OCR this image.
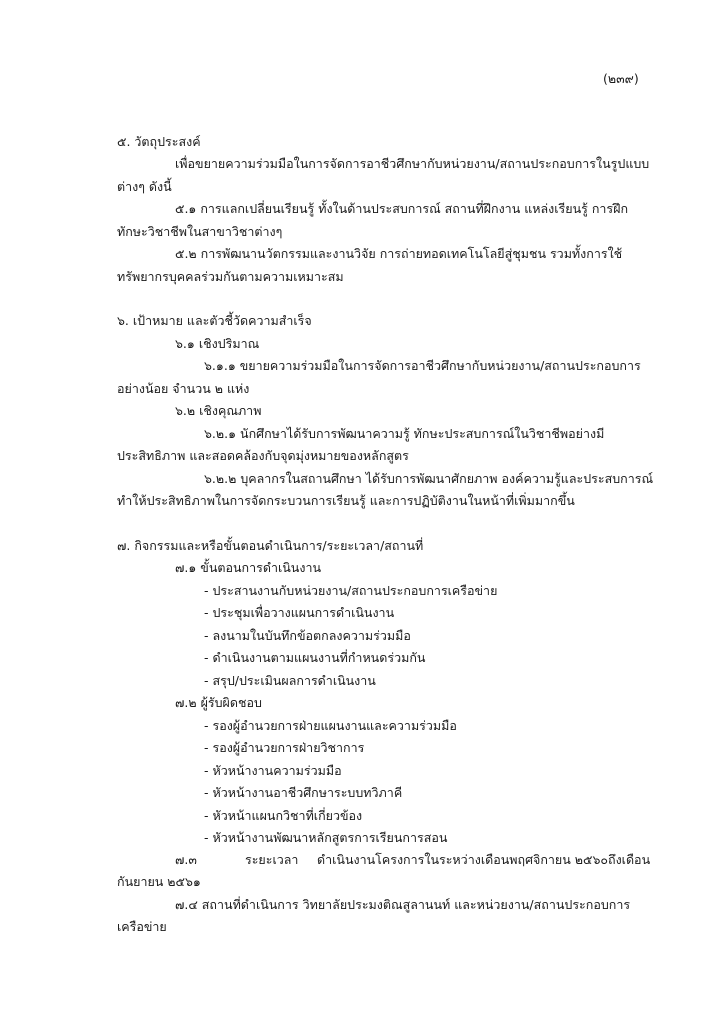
(๒๓๙)
๕. วัตถุประสงค์
เพื่อขยายความร่วมมือในการจัดการอาชีวศึกษากับหน่วยงาน/สถานประกอบการในรูปแบบ
ต่างๆ ดังนี้
๕.๑ การแลกเปลี่ยนเรียนรู้ ทั้งในด้านประสบการณ์ สถานที่ฝึกงาน แหล่งเรียนรู้ การฝึก
ทักษะวิชาชีพในสาขาวิชาต่างๆ
๕.๒ การพัฒนานวัตกรรมและงานวิจัย การถ่ายทอดเทคโนโลยีสู่ชุมชน รวมทั้งการใช้
ทรัพยากรบุคคลร่วมกันตามความเหมาะสม
๖. เป้าหมาย และตัวชี้วัดความสำเร็จ
๖.๑ เชิงปริมาณ
๖.๑.๑ ขยายความร่วมมือในการจัดการอาชีวศึกษากับหน่วยงาน/สถานประกอบการ
อย่างน้อย จำนวน ๒ แห่ง
๖.๒ เชิงคุณภาพ
๖.๒.๑ นักศึกษาได้รับการพัฒนาความรู้ ทักษะประสบการณ์ในวิชาชีพอย่างมี
ประสิทธิภาพ และสอดคล้องกับจุดมุ่งหมายของหลักสูตร
๖.๒.๒ บุคลากรในสถานศึกษา ได้รับการพัฒนาศักยภาพ องค์ความรู้และประสบการณ์
ทำให้ประสิทธิภาพในการจัดกระบวนการเรียนรู้ และการปฏิบัติงานในหน้าที่เพิ่มมากขึ้น
๗. กิจกรรมและหรือขั้นตอนดำเนินการ/ระยะเวลา/สถานที่
๗.๑ ขั้นตอนการดำเนินงาน
- ประสานงานกับหน่วยงาน/สถานประกอบการเครือข่าย
- ประชุมเพื่อวางแผนการดำเนินงาน
- ลงนามในบันทึกข้อตกลงความร่วมมือ
- ดำเนินงานตามแผนงานที่กำหนดร่วมกัน
- สรุป/ประเมินผลการดำเนินงาน
๗.๒ ผู้รับผิดชอบ
- รองผู้อำนวยการฝ่ายแผนงานและความร่วมมือ
- รองผู้อำนวยการฝ่ายวิชาการ
- หัวหน้างานความร่วมมือ
- หัวหน้างานอาชีวศึกษาระบบทวิภาคี
- หัวหน้าแผนกวิชาที่เกี่ยวข้อง
- หัวหน้างานพัฒนาหลักสูตรการเรียนการสอน
๗.๓	ระยะเวลา ดำเนินงานโครงการในระหว่างเดือนพฤศจิกายน ๒๕๖๐ ถึงเดือน
กันยายน ๒๕๖๑
๗.๔ สถานที่ดำเนินการ วิทยาลัยประมงติณสูลานนท์ และหน่วยงาน/สถานประกอบการ
เครือข่าย
